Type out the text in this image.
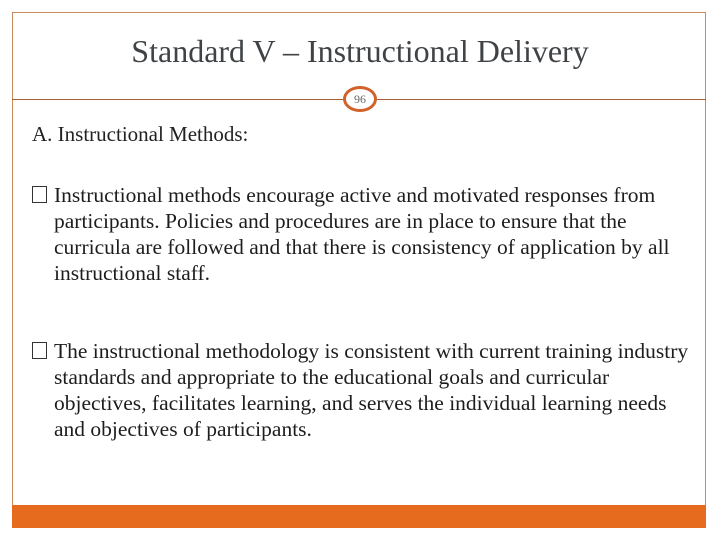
Standard V – Instructional Delivery
96
A. Instructional Methods:
Instructional methods encourage active and motivated responses from participants. Policies and procedures are in place to ensure that the curricula are followed and that there is consistency of application by all instructional staff.
The instructional methodology is consistent with current training industry standards and appropriate to the educational goals and curricular objectives, facilitates learning, and serves the individual learning needs and objectives of participants.
